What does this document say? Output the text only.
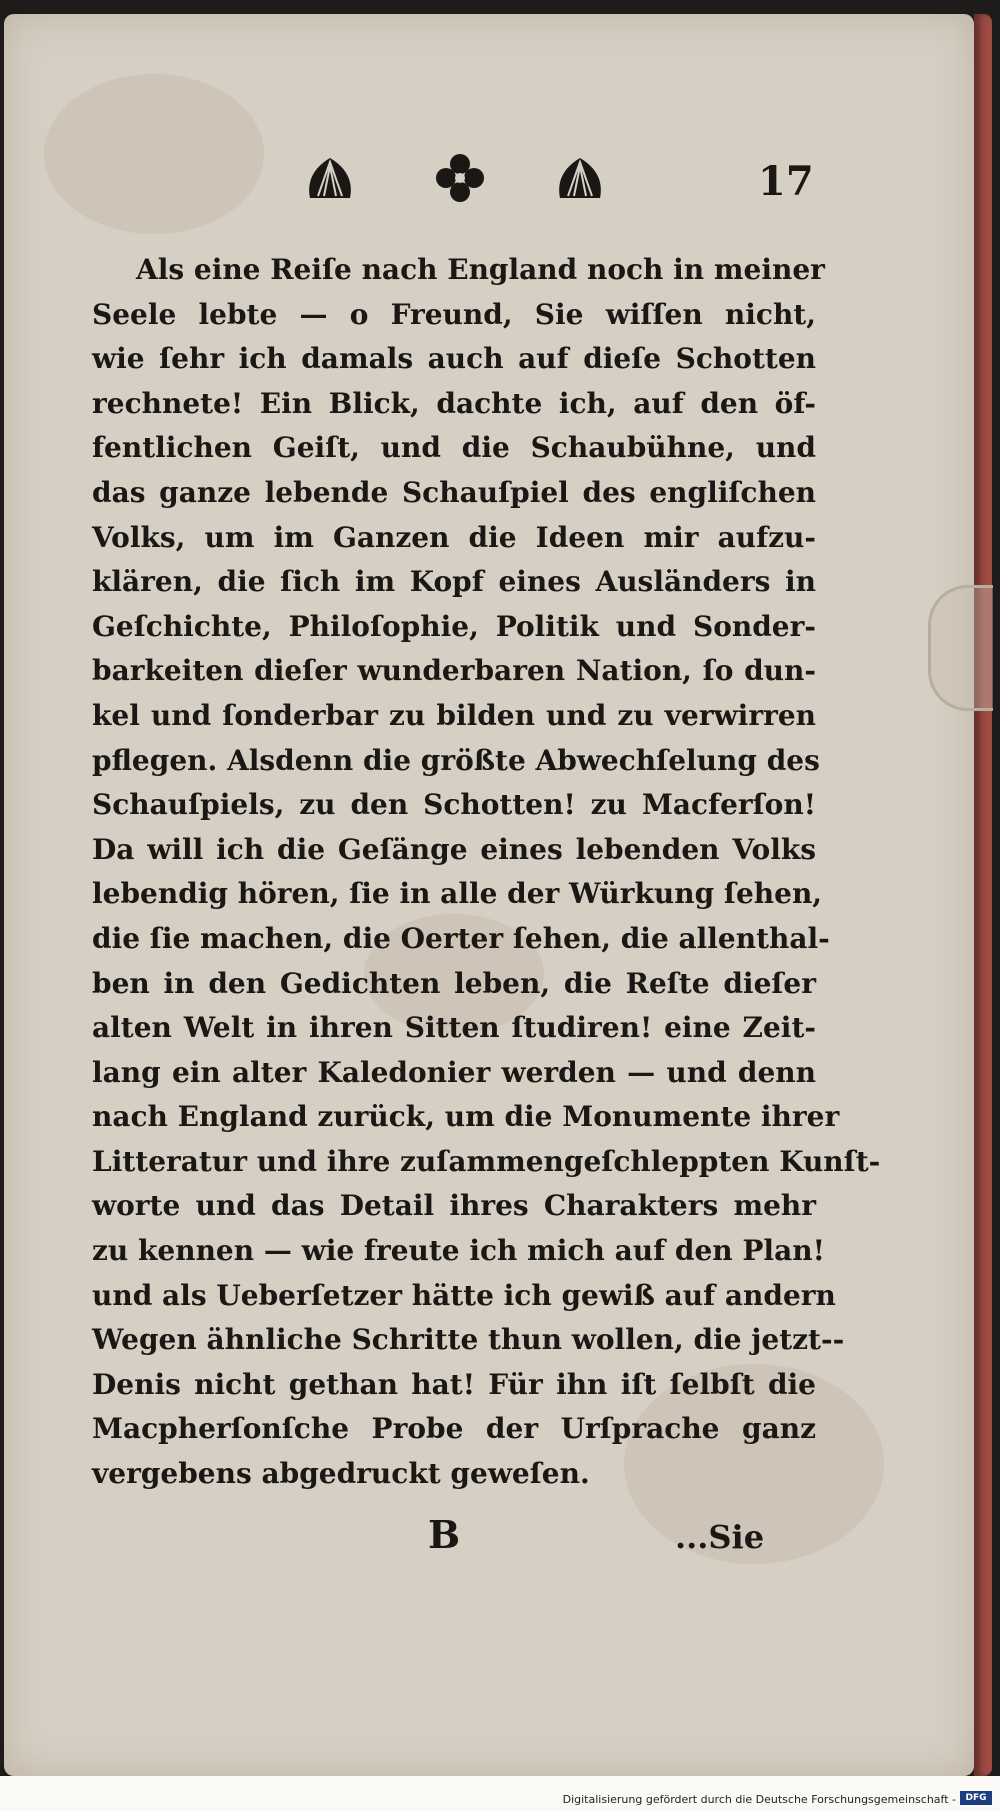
17
Als eine Reiſe nach England noch in meiner
Seele lebte — o Freund, Sie wiſſen nicht,
wie ſehr ich damals auch auf dieſe Schotten
rechnete! Ein Blick, dachte ich, auf den öf-
fentlichen Geiſt, und die Schaubühne, und
das ganze lebende Schauſpiel des engliſchen
Volks, um im Ganzen die Ideen mir aufzu-
klären, die ſich im Kopf eines Ausländers in
Geſchichte, Philoſophie, Politik und Sonder-
barkeiten dieſer wunderbaren Nation, ſo dun-
kel und ſonderbar zu bilden und zu verwirren
pflegen. Alsdenn die größte Abwechſelung des
Schauſpiels, zu den Schotten! zu Macferſon!
Da will ich die Geſänge eines lebenden Volks
lebendig hören, ſie in alle der Würkung ſehen,
die ſie machen, die Oerter ſehen, die allenthal-
ben in den Gedichten leben, die Reſte dieſer
alten Welt in ihren Sitten ſtudiren! eine Zeit-
lang ein alter Kaledonier werden — und denn
nach England zurück, um die Monumente ihrer
Litteratur und ihre zuſammengeſchleppten Kunſt-
worte und das Detail ihres Charakters mehr
zu kennen — wie freute ich mich auf den Plan!
und als Ueberſetzer hätte ich gewiß auf andern
Wegen ähnliche Schritte thun wollen, die jetzt--
Denis nicht gethan hat! Für ihn iſt ſelbſt die
Macpherſonſche Probe der Urſprache ganz
vergebens abgedruckt geweſen.
B	...Sie
Digitalisierung gefördert durch die Deutsche Forschungsgemeinschaft -	DFG
